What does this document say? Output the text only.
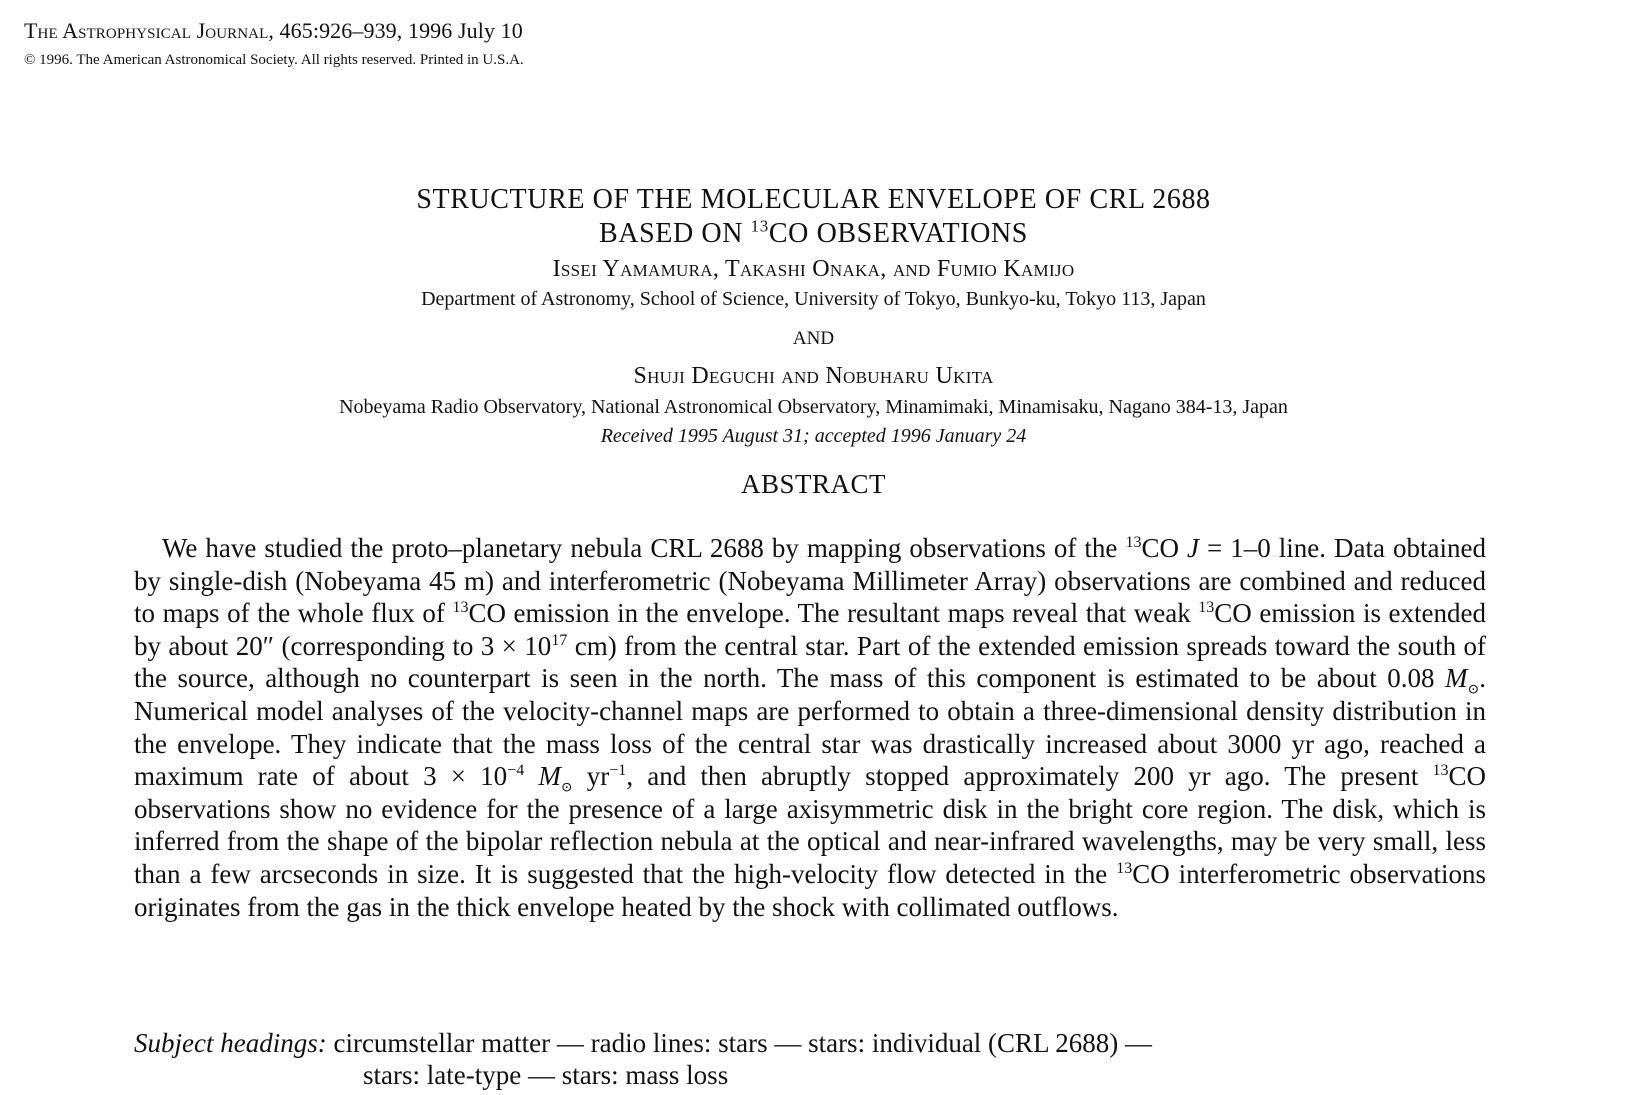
The Astrophysical Journal, 465:926–939, 1996 July 10
© 1996. The American Astronomical Society. All rights reserved. Printed in U.S.A.
STRUCTURE OF THE MOLECULAR ENVELOPE OF CRL 2688
BASED ON $^{13}$CO OBSERVATIONS
Issei Yamamura, Takashi Onaka, and Fumio Kamijo
Department of Astronomy, School of Science, University of Tokyo, Bunkyo-ku, Tokyo 113, Japan
AND
Shuji Deguchi and Nobuharu Ukita
Nobeyama Radio Observatory, National Astronomical Observatory, Minamimaki, Minamisaku, Nagano 384-13, Japan
Received 1995 August 31; accepted 1996 January 24
ABSTRACT
We have studied the proto–planetary nebula CRL 2688 by mapping observations of the $^{13}$CO J = 1–0 line. Data obtained by single-dish (Nobeyama 45 m) and interferometric (Nobeyama Millimeter Array) observations are combined and reduced to maps of the whole flux of $^{13}$CO emission in the envelope. The resultant maps reveal that weak $^{13}$CO emission is extended by about 20″ (corresponding to $3 \times 10^{17}$ cm) from the central star. Part of the extended emission spreads toward the south of the source, although no counterpart is seen in the north. The mass of this component is estimated to be about 0.08 $M_⊙$. Numerical model analyses of the velocity-channel maps are performed to obtain a three-dimensional density distribution in the envelope. They indicate that the mass loss of the central star was drastically increased about 3000 yr ago, reached a maximum rate of about $3 \times 10^{-4}$ $M_⊙$ $yr^{-1}$, and then abruptly stopped approximately 200 yr ago. The present $^{13}$CO observations show no evidence for the presence of a large axisymmetric disk in the bright core region. The disk, which is inferred from the shape of the bipolar reflection nebula at the optical and near-infrared wavelengths, may be very small, less than a few arcseconds in size. It is suggested that the high-velocity flow detected in the $^{13}$CO interferometric observations originates from the gas in the thick envelope heated by the shock with collimated outflows.
Subject headings: circumstellar matter — radio lines: stars — stars: individual (CRL 2688) —
stars: late-type — stars: mass loss
